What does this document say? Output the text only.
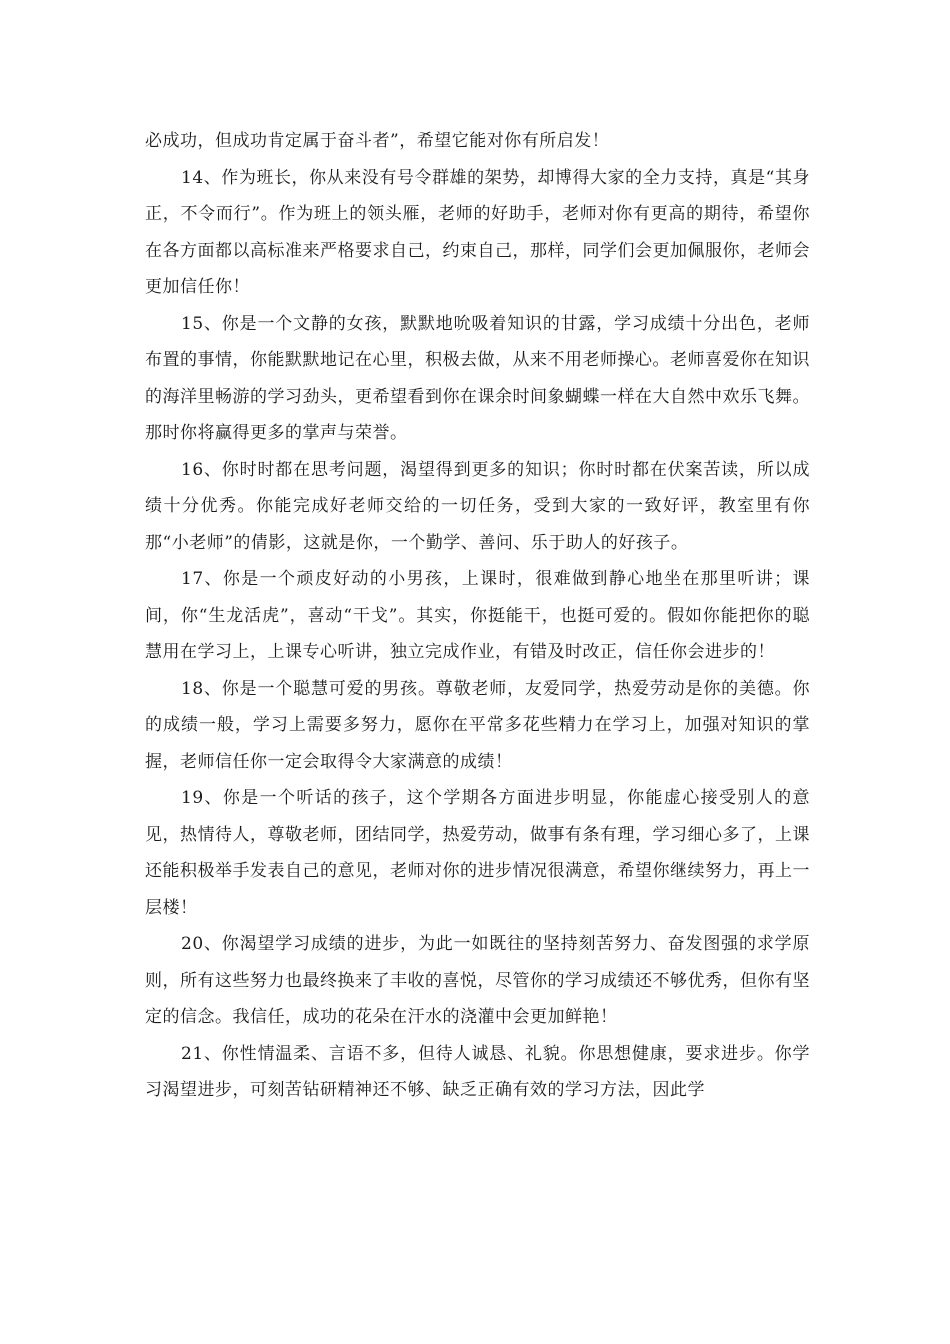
必成功，但成功肯定属于奋斗者”，希望它能对你有所启发！

14、作为班长，你从来没有号令群雄的架势，却博得大家的全力支持，真是“其身正，不令而行”。作为班上的领头雁，老师的好助手，老师对你有更高的期待，希望你在各方面都以高标准来严格要求自己，约束自己，那样，同学们会更加佩服你，老师会更加信任你！

15、你是一个文静的女孩，默默地吮吸着知识的甘露，学习成绩十分出色，老师布置的事情，你能默默地记在心里，积极去做，从来不用老师操心。老师喜爱你在知识的海洋里畅游的学习劲头，更希望看到你在课余时间象蝴蝶一样在大自然中欢乐飞舞。那时你将赢得更多的掌声与荣誉。

16、你时时都在思考问题，渴望得到更多的知识；你时时都在伏案苦读，所以成绩十分优秀。你能完成好老师交给的一切任务，受到大家的一致好评，教室里有你那“小老师”的倩影，这就是你，一个勤学、善问、乐于助人的好孩子。

17、你是一个顽皮好动的小男孩，上课时，很难做到静心地坐在那里听讲；课间，你“生龙活虎”，喜动“干戈”。其实，你挺能干，也挺可爱的。假如你能把你的聪慧用在学习上，上课专心听讲，独立完成作业，有错及时改正，信任你会进步的！

18、你是一个聪慧可爱的男孩。尊敬老师，友爱同学，热爱劳动是你的美德。你的成绩一般，学习上需要多努力，愿你在平常多花些精力在学习上，加强对知识的掌握，老师信任你一定会取得令大家满意的成绩！

19、你是一个听话的孩子，这个学期各方面进步明显，你能虚心接受别人的意见，热情待人，尊敬老师，团结同学，热爱劳动，做事有条有理，学习细心多了，上课还能积极举手发表自己的意见，老师对你的进步情况很满意，希望你继续努力，再上一层楼！

20、你渴望学习成绩的进步，为此一如既往的坚持刻苦努力、奋发图强的求学原则，所有这些努力也最终换来了丰收的喜悦，尽管你的学习成绩还不够优秀，但你有坚定的信念。我信任，成功的花朵在汗水的浇灌中会更加鲜艳！

21、你性情温柔、言语不多，但待人诚恳、礼貌。你思想健康，要求进步。你学习渴望进步，可刻苦钻研精神还不够、缺乏正确有效的学习方法，因此学
